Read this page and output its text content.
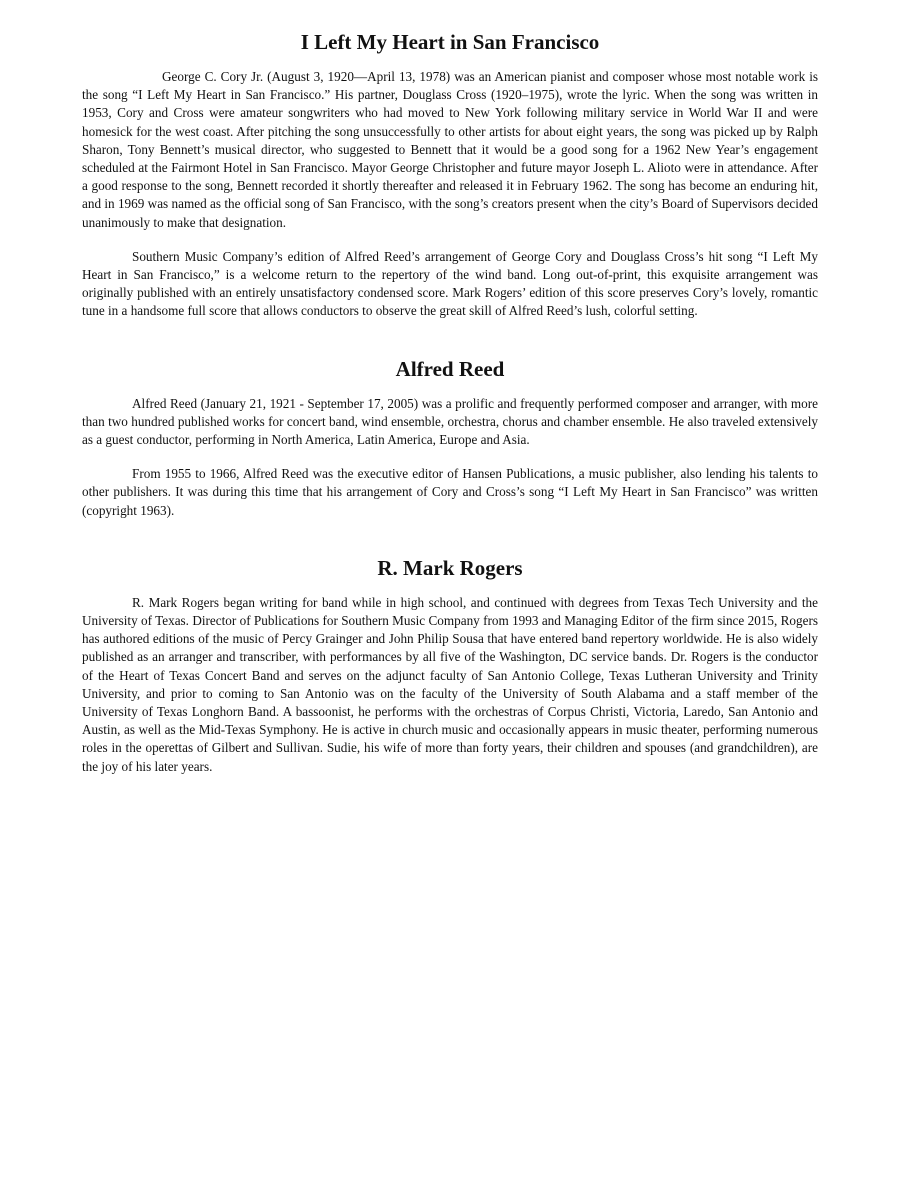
I Left My Heart in San Francisco

George C. Cory Jr. (August 3, 1920—April 13, 1978) was an American pianist and composer whose most notable work is the song “I Left My Heart in San Francisco.” His partner, Douglass Cross (1920–1975), wrote the lyric. When the song was written in 1953, Cory and Cross were amateur songwriters who had moved to New York following military service in World War II and were homesick for the west coast. After pitching the song unsuccessfully to other artists for about eight years, the song was picked up by Ralph Sharon, Tony Bennett’s musical director, who suggested to Bennett that it would be a good song for a 1962 New Year’s engagement scheduled at the Fairmont Hotel in San Francisco. Mayor George Christopher and future mayor Joseph L. Alioto were in attendance. After a good response to the song, Bennett recorded it shortly thereafter and released it in February 1962. The song has become an enduring hit, and in 1969 was named as the official song of San Francisco, with the song’s creators present when the city’s Board of Supervisors decided unanimously to make that designation.

Southern Music Company’s edition of Alfred Reed’s arrangement of George Cory and Douglass Cross’s hit song “I Left My Heart in San Francisco,” is a welcome return to the repertory of the wind band. Long out-of-print, this exquisite arrangement was originally published with an entirely unsatisfactory condensed score. Mark Rogers’ edition of this score preserves Cory’s lovely, romantic tune in a handsome full score that allows conductors to observe the great skill of Alfred Reed’s lush, colorful setting.

Alfred Reed

Alfred Reed (January 21, 1921 - September 17, 2005) was a prolific and frequently performed composer and arranger, with more than two hundred published works for concert band, wind ensemble, orchestra, chorus and chamber ensemble. He also traveled extensively as a guest conductor, performing in North America, Latin America, Europe and Asia.

From 1955 to 1966, Alfred Reed was the executive editor of Hansen Publications, a music publisher, also lending his talents to other publishers. It was during this time that his arrangement of Cory and Cross’s song “I Left My Heart in San Francisco” was written (copyright 1963).

R. Mark Rogers

R. Mark Rogers began writing for band while in high school, and continued with degrees from Texas Tech University and the University of Texas. Director of Publications for Southern Music Company from 1993 and Managing Editor of the firm since 2015, Rogers has authored editions of the music of Percy Grainger and John Philip Sousa that have entered band repertory worldwide. He is also widely published as an arranger and transcriber, with performances by all five of the Washington, DC service bands. Dr. Rogers is the conductor of the Heart of Texas Concert Band and serves on the adjunct faculty of San Antonio College, Texas Lutheran University and Trinity University, and prior to coming to San Antonio was on the faculty of the University of South Alabama and a staff member of the University of Texas Longhorn Band. A bassoonist, he performs with the orchestras of Corpus Christi, Victoria, Laredo, San Antonio and Austin, as well as the Mid-Texas Symphony. He is active in church music and occasionally appears in music theater, performing numerous roles in the operettas of Gilbert and Sullivan. Sudie, his wife of more than forty years, their children and spouses (and grandchildren), are the joy of his later years.
